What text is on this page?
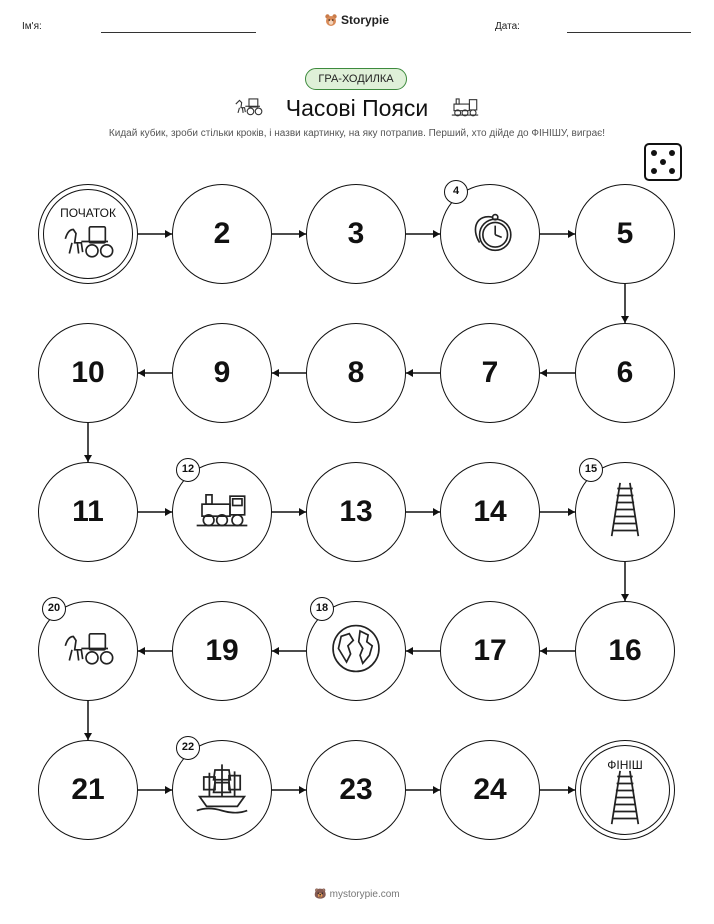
Ім'я:	Storypie	Дата:
ГРА-ХОДИЛКА
Часові Пояси
Кидай кубик, зроби стільки кроків, і назви картинку, на яку потрапив. Перший, хто дійде до ФІНІШУ, виграє!
ПОЧАТОК
2	3
4
5
6
7
8
9
10
11
12
13	14
15
16
17
18
19
20
21
22
23	24
ФІНІШ
🐻 mystorypie.com
